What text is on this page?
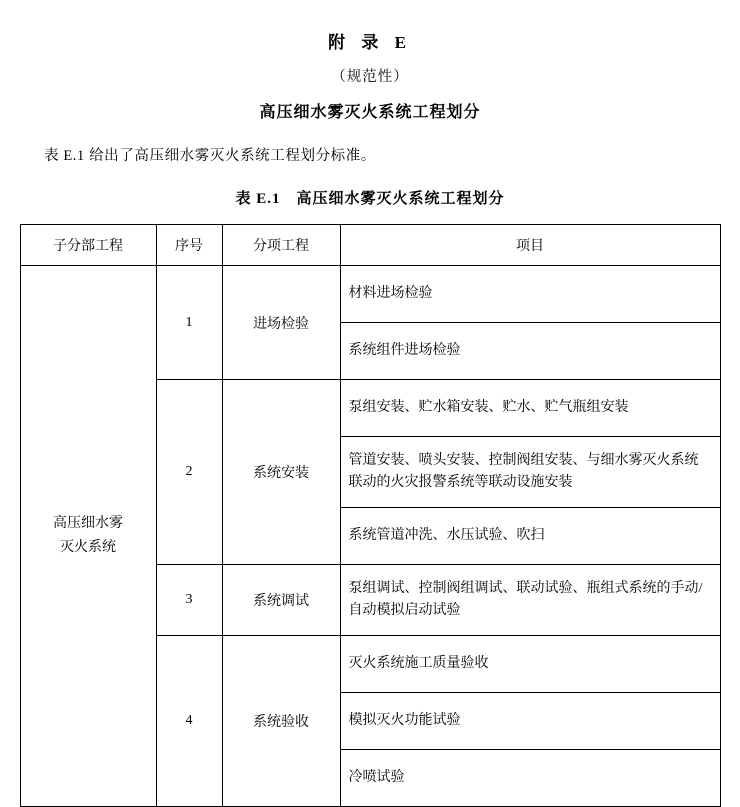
附 录 E
（规范性）
高压细水雾灭火系统工程划分
表 E.1 给出了高压细水雾灭火系统工程划分标准。
表 E.1　高压细水雾灭火系统工程划分
子分部工程	序号	分项工程	项目
高压细水雾
灭火系统	1	进场检验	材料进场检验
			系统组件进场检验
	2	系统安装	泵组安装、贮水箱安装、贮水、贮气瓶组安装
			管道安装、喷头安装、控制阀组安装、与细水雾灭火系统联动的火灾报警系统等联动设施安装
			系统管道冲洗、水压试验、吹扫
	3	系统调试	泵组调试、控制阀组调试、联动试验、瓶组式系统的手动/自动模拟启动试验
	4	系统验收	灭火系统施工质量验收
			模拟灭火功能试验
			冷喷试验
